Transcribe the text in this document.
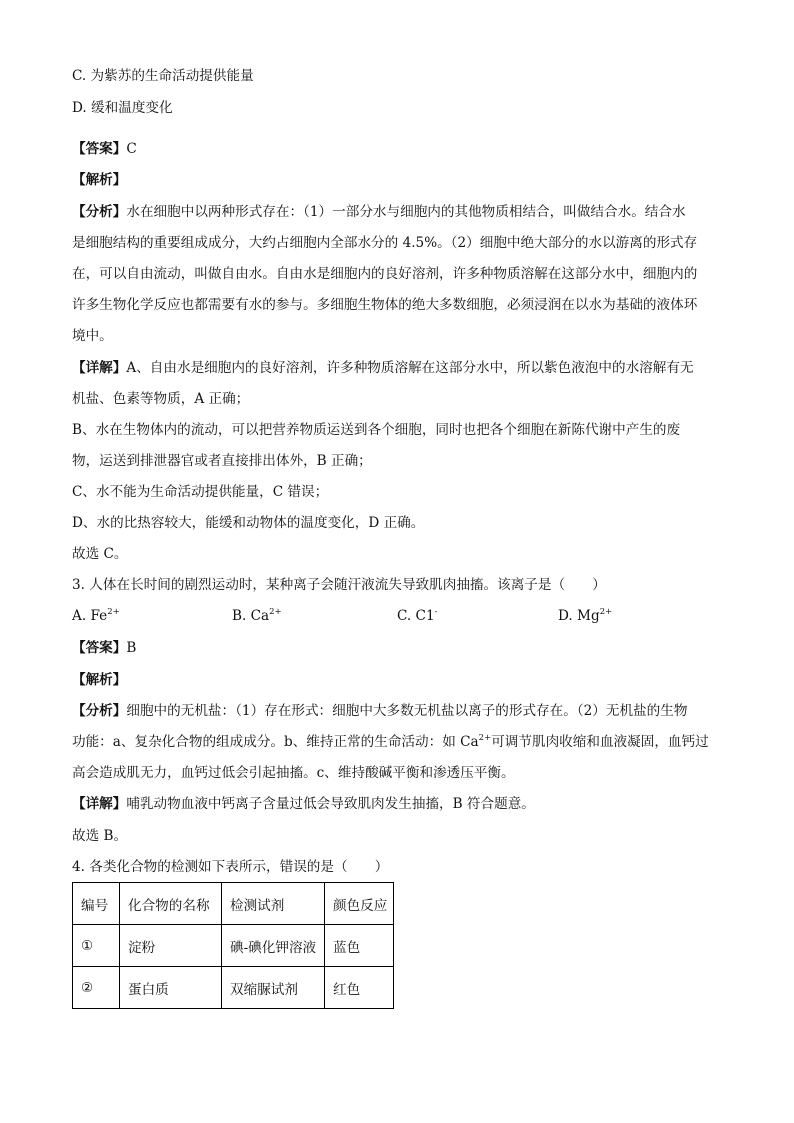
C. 为紫苏的生命活动提供能量
D. 缓和温度变化
【答案】C
【解析】
【分析】水在细胞中以两种形式存在：（1）一部分水与细胞内的其他物质相结合，叫做结合水。结合水
是细胞结构的重要组成成分，大约占细胞内全部水分的 4.5%。（2）细胞中绝大部分的水以游离的形式存
在，可以自由流动，叫做自由水。自由水是细胞内的良好溶剂，许多种物质溶解在这部分水中，细胞内的
许多生物化学反应也都需要有水的参与。多细胞生物体的绝大多数细胞，必须浸润在以水为基础的液体环
境中。
【详解】A、自由水是细胞内的良好溶剂，许多种物质溶解在这部分水中，所以紫色液泡中的水溶解有无
机盐、色素等物质，A 正确；
B、水在生物体内的流动，可以把营养物质运送到各个细胞，同时也把各个细胞在新陈代谢中产生的废
物，运送到排泄器官或者直接排出体外，B 正确；
C、水不能为生命活动提供能量，C 错误；
D、水的比热容较大，能缓和动物体的温度变化，D 正确。
故选 C。
3. 人体在长时间的剧烈运动时，某种离子会随汗液流失导致肌肉抽搐。该离子是（　　）
A. $Fe^{2+}$	B. $Ca^{2+}$	C. C1-	D. $Mg^{2+}$
【答案】B
【解析】
【分析】细胞中的无机盐：（1）存在形式：细胞中大多数无机盐以离子的形式存在。（2）无机盐的生物
功能：a、复杂化合物的组成成分。b、维持正常的生命活动：如 $Ca^{2+}$可调节肌肉收缩和血液凝固，血钙过
高会造成肌无力，血钙过低会引起抽搐。c、维持酸碱平衡和渗透压平衡。
【详解】哺乳动物血液中钙离子含量过低会导致肌肉发生抽搐，B 符合题意。
故选 B。
4. 各类化合物的检测如下表所示，错误的是（　　）
编号	化合物的名称	检测试剂	颜色反应
①	淀粉	碘-碘化钾溶液	蓝色
②	蛋白质	双缩脲试剂	红色
